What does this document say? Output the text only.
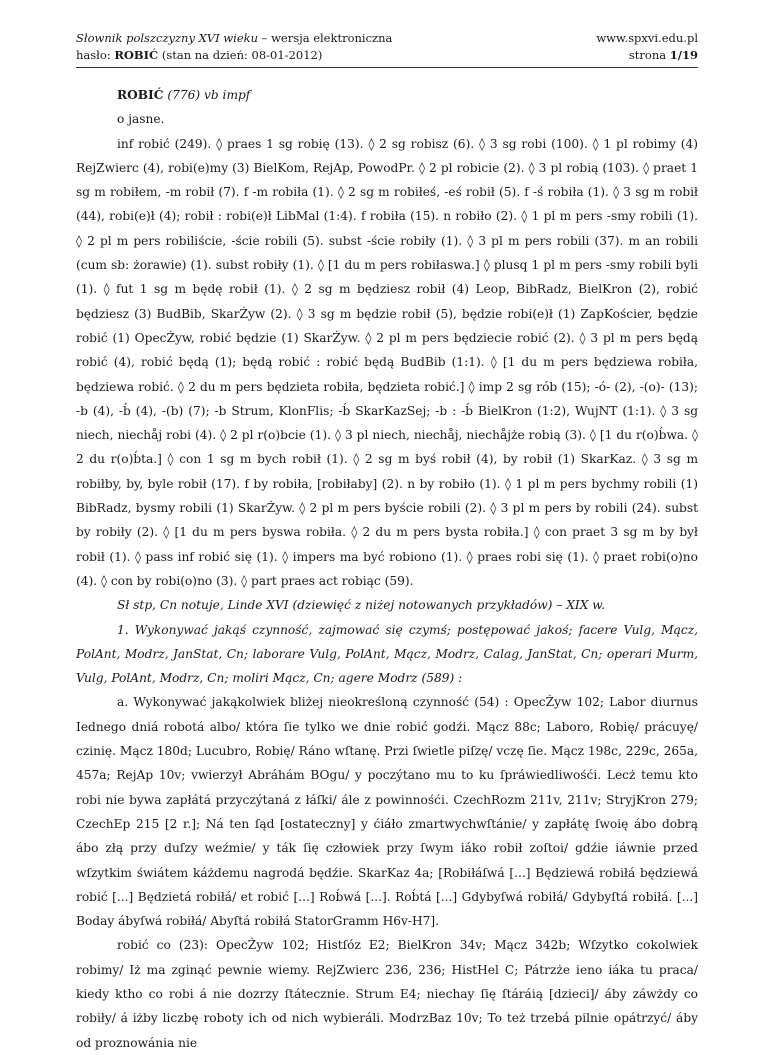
Słownik polszczyzny XVI wieku – wersja elektroniczna
hasło: ROBIĆ (stan na dzień: 08-01-2012)
www.spxvi.edu.pl
strona 1/19

ROBIĆ (776) vb impf

o jasne.

inf robić (249). ◊ praes 1 sg robię (13). ◊ 2 sg robisz (6). ◊ 3 sg robi (100). ◊ 1 pl robimy (4) RejZwierc (4), robi(e)my (3) BielKom, RejAp, PowodPr. ◊ 2 pl robicie (2). ◊ 3 pl robią (103). ◊ praet 1 sg m robiłem, -m robił (7). f -m robiła (1). ◊ 2 sg m robiłeś, -eś robił (5). f -ś robiła (1). ◊ 3 sg m robił (44), robi(e)ł (4); robił : robi(e)ł LibMal (1:4). f robiła (15). n robiło (2). ◊ 1 pl m pers -smy robili (1). ◊ 2 pl m pers robiliście, -ście robili (5). subst -ście robiły (1). ◊ 3 pl m pers robili (37). m an robili (cum sb: żorawie) (1). subst robiły (1). ◊ [1 du m pers robiłaswa.] ◊ plusq 1 pl m pers -smy robili byli (1). ◊ fut 1 sg m będę robił (1). ◊ 2 sg m będziesz robił (4) Leop, BibRadz, BielKron (2), robić będziesz (3) BudBib, SkarŻyw (2). ◊ 3 sg m będzie robił (5), będzie robi(e)ł (1) ZapKościer, będzie robić (1) OpecŻyw, robić będzie (1) SkarŻyw. ◊ 2 pl m pers będziecie robić (2). ◊ 3 pl m pers będą robić (4), robić będą (1); będą robić : robić będą BudBib (1:1). ◊ [1 du m pers będziewa robiła, będziewa robić. ◊ 2 du m pers będzieta robiła, będzieta robić.] ◊ imp 2 sg rób (15); -ó- (2), -(o)- (13); -b (4), -b́ (4), -(b) (7); -b Strum, KlonFlis; -b́ SkarKazSej; -b : -b́ BielKron (1:2), WujNT (1:1). ◊ 3 sg niech, niechåj robi (4). ◊ 2 pl r(o)bcie (1). ◊ 3 pl niech, niechåj, niechåjże robią (3). ◊ [1 du r(o)b́wa. ◊ 2 du r(o)b́ta.] ◊ con 1 sg m bych robił (1). ◊ 2 sg m byś robił (4), by robił (1) SkarKaz. ◊ 3 sg m robiłby, by, byle robił (17). f by robiła, [robiłaby] (2). n by robiło (1). ◊ 1 pl m pers bychmy robili (1) BibRadz, bysmy robili (1) SkarŻyw. ◊ 2 pl m pers byście robili (2). ◊ 3 pl m pers by robili (24). subst by robiły (2). ◊ [1 du m pers byswa robiła. ◊ 2 du m pers bysta robiła.] ◊ con praet 3 sg m by był robił (1). ◊ pass inf robić się (1). ◊ impers ma być robiono (1). ◊ praes robi się (1). ◊ praet robi(o)no (4). ◊ con by robi(o)no (3). ◊ part praes act robiąc (59).

Sł stp, Cn notuje, Linde XVI (dziewięć z niżej notowanych przykładów) – XIX w.

1. Wykonywać jakąś czynność, zajmować się czymś; postępować jakoś; facere Vulg, Mącz, PolAnt, Modrz, JanStat, Cn; laborare Vulg, PolAnt, Mącz, Modrz, Calag, JanStat, Cn; operari Murm, Vulg, PolAnt, Modrz, Cn; moliri Mącz, Cn; agere Modrz (589) :

a. Wykonywać jakąkolwiek bliżej nieokreśloną czynność (54) : OpecŻyw 102; Labor diurnus Iednego dniá robotá albo/ która ſie tylko we dnie robić godźi. Mącz 88c; Laboro, Robię/ prácuyę/ czinię. Mącz 180d; Lucubro, Robię/ Ráno wſtanę. Przi ſwietle piſzę/ vczę ſie. Mącz 198c, 229c, 265a, 457a; RejAp 10v; vwierzył Abráhám BOgu/ y poczýtano mu to ku ſpráwiedliwośći. Lecż temu kto robi nie bywa zapłátá przyczýtaná z łáſki/ ále z powinnośći. CzechRozm 211v, 211v; StryjKron 279; CzechEp 215 [2 r.]; Ná ten ſąd [ostateczny] y ćiáło zmartwychwſtánie/ y zapłátę ſwoię ábo dobrą ábo złą przy duſzy weźmie/ y ták ſię człowiek przy ſwym iáko robił zoſtoi/ gdźie iáwnie przed wſzytkim świátem káżdemu nagrodá będźie. SkarKaz 4a; [Robiłáſwá [...] Będziewá robiłá będziewá robić [...] Będzietá robiłá/ et robić [...] Rob́wá [...]. Rob́tá [...] Gdybyſwá robiłá/ Gdybyſtá robiłá. [...] Boday ábyſwá robiłá/ Abyſtá robiłá StatorGramm H6v-H7].

robić co (23): OpecŻyw 102; Histſóz E2; BielKron 34v; Mącz 342b; Wſzytko cokolwiek robimy/ Iż ma zginąć pewnie wiemy. RejZwierc 236, 236; HistHel C; Pátrzże ieno iáka tu praca/ kiedy ktho co robi á nie dozrzy ſtátecznie. Strum E4; niechay ſię ſtáráią [dzieci]/ áby záwżdy co robiły/ á iżby liczbę roboty ich od nich wybieráli. ModrzBaz 10v; To też trzebá pilnie opátrzyć/ áby od proznowánia nie
